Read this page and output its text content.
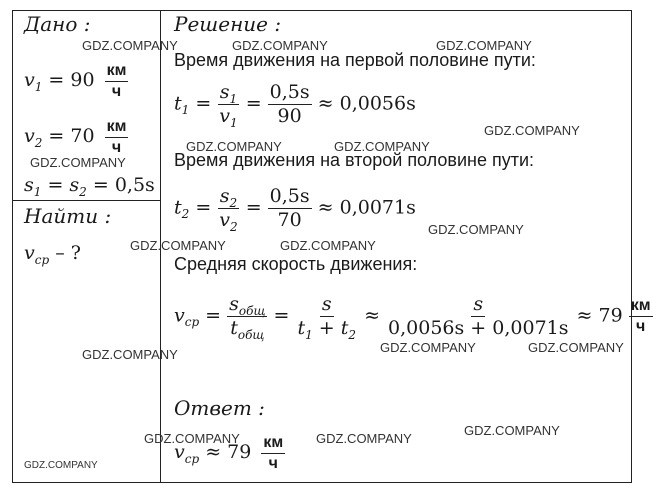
Дано :
$v_1 = 90 \frac{км}{ч}$
$v_2 = 70 \frac{км}{ч}$
$s_1 = s_2 = 0,5s$
Найти :
$v_{ср}$ – ?
Решение :
Время движения на первой половине пути:
$t_1 = \frac{s_1}{v_1} = \frac{0,5s}{90} \approx 0,0056s$
Время движения на второй половине пути:
$t_2 = \frac{s_2}{v_2} = \frac{0,5s}{70} \approx 0,0071s$
Средняя скорость движения:
$v_{ср} = \frac{s_{общ}}{t_{общ}} = \frac{s}{t_1 + t_2} \approx \frac{s}{0,0056s + 0,0071s} \approx 79 \frac{км}{ч}$
Ответ :
$v_{ср} \approx 79 \frac{км}{ч}$
GDZ.COMPANY	GDZ.COMPANY	GDZ.COMPANY
GDZ.COMPANY
GDZ.COMPANY	GDZ.COMPANY
GDZ.COMPANY
GDZ.COMPANY
GDZ.COMPANY	GDZ.COMPANY
GDZ.COMPANY	GDZ.COMPANY
GDZ.COMPANY
GDZ.COMPANY
GDZ.COMPANY	GDZ.COMPANY
GDZ.COMPANY
